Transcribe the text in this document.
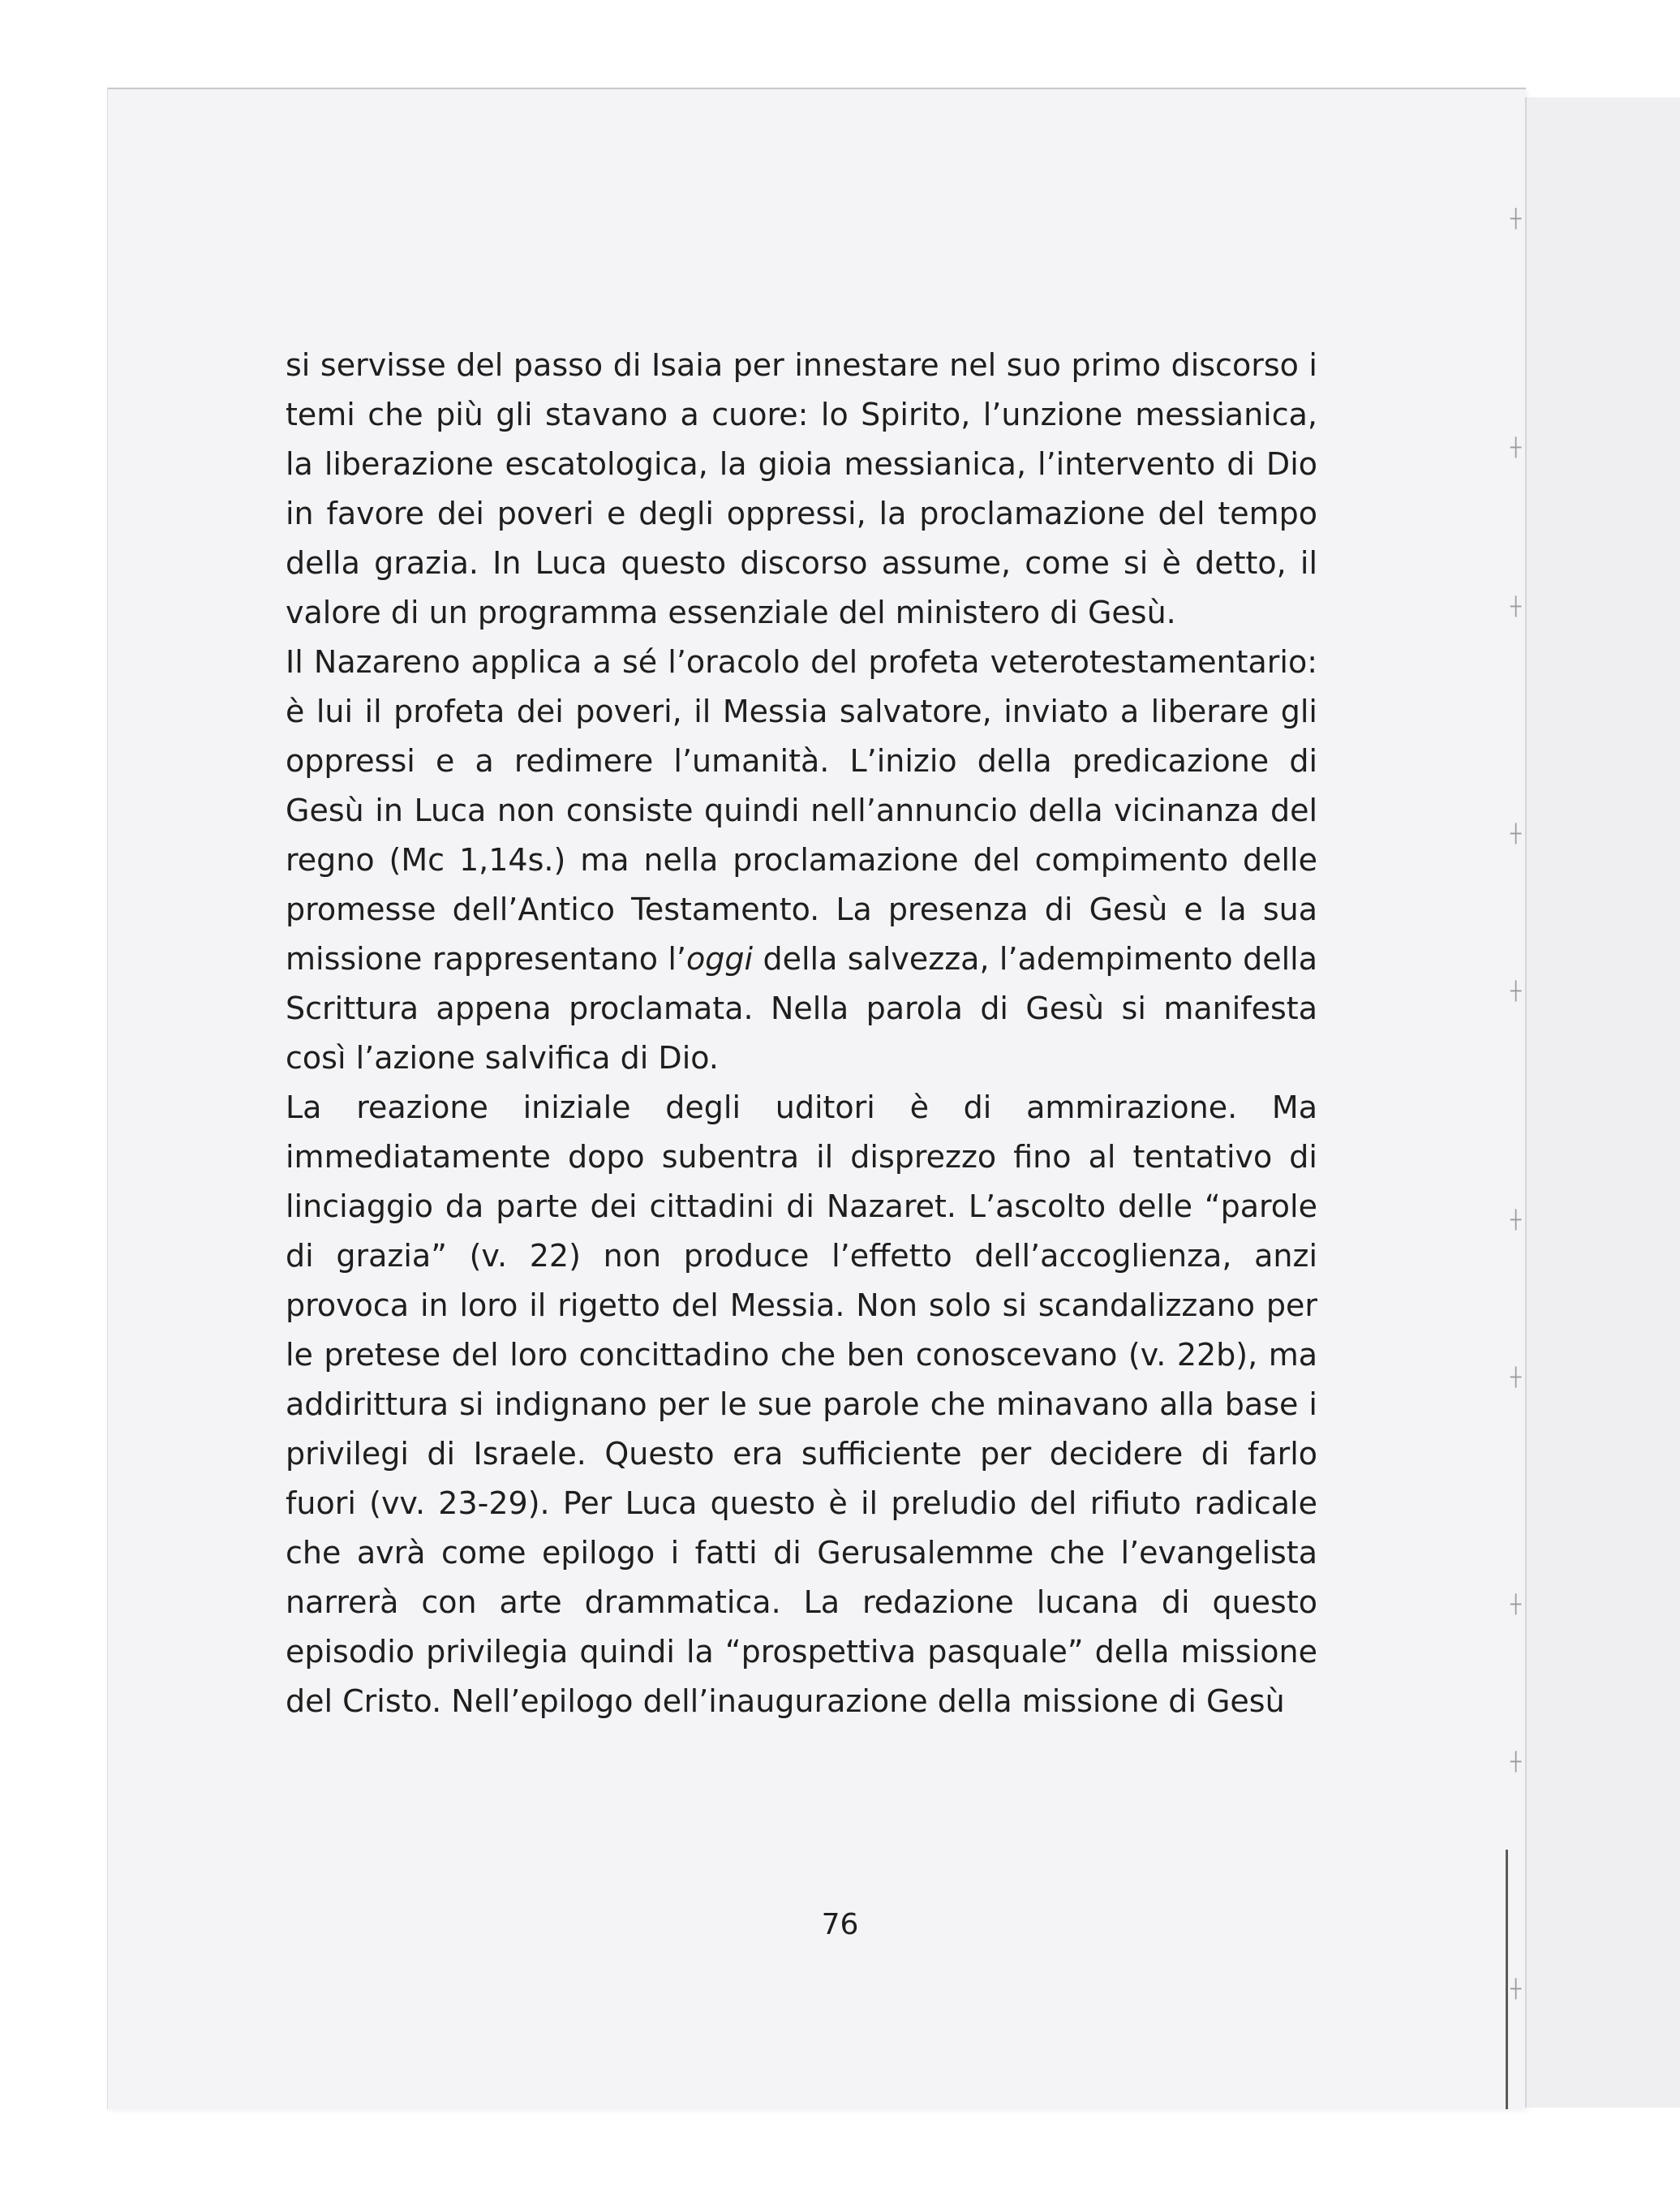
┼
┼
┼
┼
┼
┼
┼
┼
┼
┼

si servisse del passo di Isaia per innestare nel suo primo discorso i temi che più gli stavano a cuore: lo Spirito, l’unzione messianica, la liberazione escatologica, la gioia messianica, l’intervento di Dio in favore dei poveri e degli oppressi, la proclamazione del tempo della grazia. In Luca questo discorso assume, come si è detto, il valore di un programma essenziale del ministero di Gesù.

Il Nazareno applica a sé l’oracolo del profeta veterotestamentario: è lui il profeta dei poveri, il Messia salvatore, inviato a liberare gli oppressi e a redimere l’umanità. L’inizio della predicazione di Gesù in Luca non consiste quindi nell’annuncio della vicinanza del regno (Mc 1,14s.) ma nella proclamazione del compimento delle promesse dell’Antico Testamento. La presenza di Gesù e la sua missione rappresentano l’oggi della salvezza, l’adempimento della Scrittura appena proclamata. Nella parola di Gesù si manifesta così l’azione salvifica di Dio.

La reazione iniziale degli uditori è di ammirazione. Ma immediatamente dopo subentra il disprezzo fino al tentativo di linciaggio da parte dei cittadini di Nazaret. L’ascolto delle “parole di grazia” (v. 22) non produce l’effetto dell’accoglienza, anzi provoca in loro il rigetto del Messia. Non solo si scandalizzano per le pretese del loro concittadino che ben conoscevano (v. 22b), ma addirittura si indignano per le sue parole che minavano alla base i privilegi di Israele. Questo era sufficiente per decidere di farlo fuori (vv. 23-29). Per Luca questo è il preludio del rifiuto radicale che avrà come epilogo i fatti di Gerusalemme che l’evangelista narrerà con arte drammatica. La redazione lucana di questo episodio privilegia quindi la “prospettiva pasquale” della missione del Cristo. Nell’epilogo dell’inaugurazione della missione di Gesù

76
